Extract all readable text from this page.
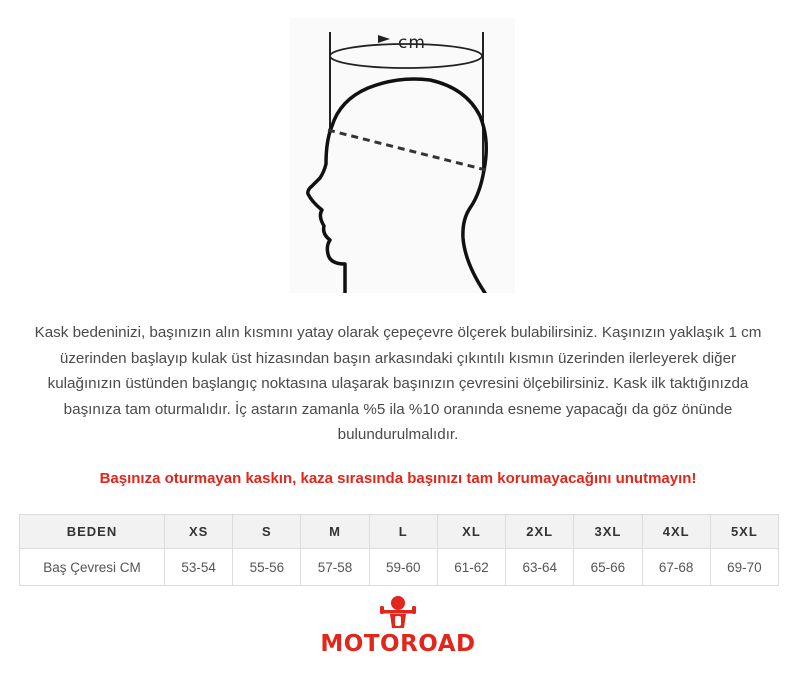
cm
Kask bedeninizi, başınızın alın kısmını yatay olarak çepeçevre ölçerek bulabilirsiniz. Kaşınızın yaklaşık 1 cm üzerinden başlayıp kulak üst hizasından başın arkasındaki çıkıntılı kısmın üzerinden ilerleyerek diğer kulağınızın üstünden başlangıç noktasına ulaşarak başınızın çevresini ölçebilirsiniz. Kask ilk taktığınızda başınıza tam oturmalıdır. İç astarın zamanla %5 ila %10 oranında esneme yapacağı da göz önünde bulundurulmalıdır.
Başınıza oturmayan kaskın, kaza sırasında başınızı tam korumayacağını unutmayın!
BEDEN	XS	S	M	L	XL	2XL	3XL	4XL	5XL
Baş Çevresi CM	53-54	55-56	57-58	59-60	61-62	63-64	65-66	67-68	69-70
MOTOROAD
